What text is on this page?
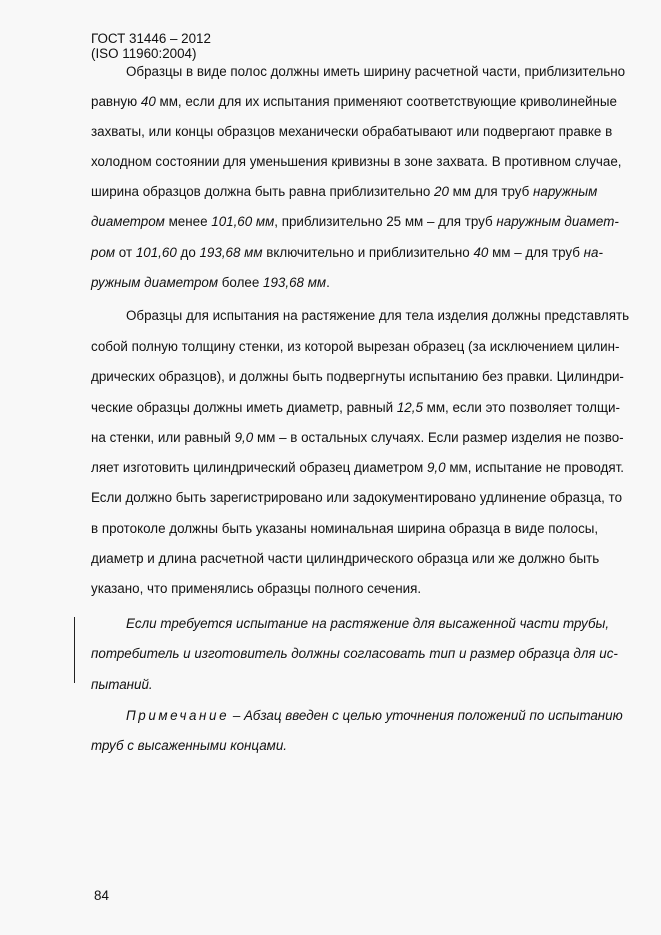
ГОСТ 31446 – 2012
(ISO 11960:2004)
Образцы в виде полос должны иметь ширину расчетной части, приблизительно
равную 40 мм, если для их испытания применяют соответствующие криволинейные
захваты, или концы образцов механически обрабатывают или подвергают правке в
холодном состоянии для уменьшения кривизны в зоне захвата. В противном случае,
ширина образцов должна быть равна приблизительно 20 мм для труб наружным
диаметром менее 101,60 мм, приблизительно 25 мм – для труб наружным диамет-
ром от 101,60 до 193,68 мм включительно и приблизительно 40 мм – для труб на-
ружным диаметром более 193,68 мм.
Образцы для испытания на растяжение для тела изделия должны представлять
собой полную толщину стенки, из которой вырезан образец (за исключением цилин-
дрических образцов), и должны быть подвергнуты испытанию без правки. Цилиндри-
ческие образцы должны иметь диаметр, равный 12,5 мм, если это позволяет толщи-
на стенки, или равный 9,0 мм – в остальных случаях. Если размер изделия не позво-
ляет изготовить цилиндрический образец диаметром 9,0 мм, испытание не проводят.
Если должно быть зарегистрировано или задокументировано удлинение образца, то
в протоколе должны быть указаны номинальная ширина образца в виде полосы,
диаметр и длина расчетной части цилиндрического образца или же должно быть
указано, что применялись образцы полного сечения.
Если требуется испытание на растяжение для высаженной части трубы,
потребитель и изготовитель должны согласовать тип и размер образца для ис-
пытаний.
Примечание – Абзац введен с целью уточнения положений по испытанию
труб с высаженными концами.
84
